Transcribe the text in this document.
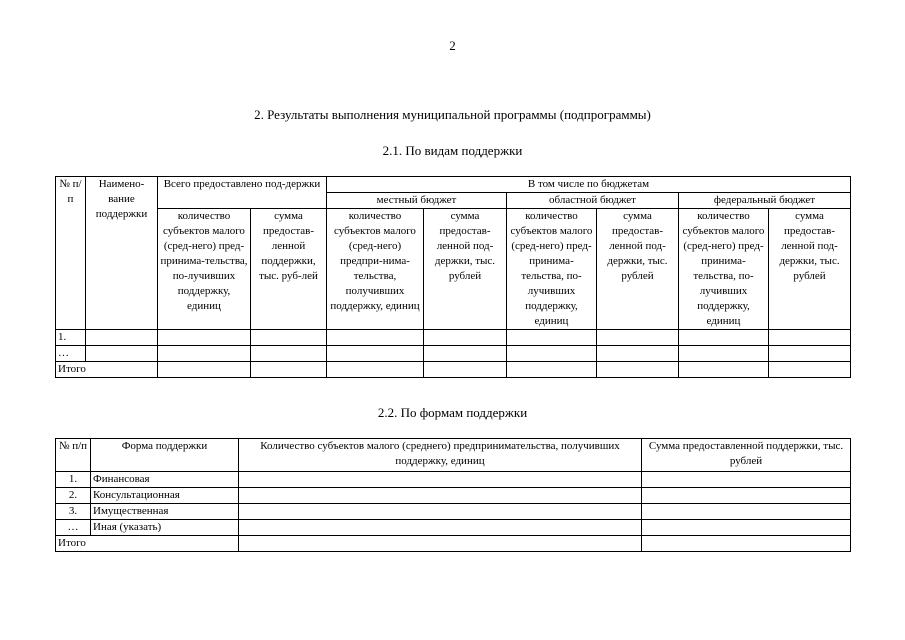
2
2. Результаты выполнения муниципальной программы (подпрограммы)
2.1. По видам поддержки
№ п/п	Наимено-вание поддержки	Всего предоставлено под-держки		В том числе по бюджетам					
				местный бюджет		областной бюджет		федеральный бюджет	
		количество субъектов малого (сред-него) пред-принима-тельства, по-лучивших поддержку, единиц	сумма предостав-ленной поддержки, тыс. руб-лей	количество субъектов малого (сред-него) предпри-нима-тельства, получивших поддержку, единиц	сумма предостав-ленной под-держки, тыс. рублей	количество субъектов малого (сред-него) пред-принима-тельства, по-лучивших поддержку, единиц	сумма предостав-ленной под-держки, тыс. рублей	количество субъектов малого (сред-него) пред-принима-тельства, по-лучивших поддержку, единиц	сумма предостав-ленной под-держки, тыс. рублей
1.									
…									
Итого									
2.2. По формам поддержки
№ п/п	Форма поддержки	Количество субъектов малого (среднего) предпринимательства, получивших поддержку, единиц	Сумма предоставленной поддержки, тыс. рублей
1.	Финансовая		
2.	Консультационная		
3.	Имущественная		
…	Иная (указать)		
Итого			
